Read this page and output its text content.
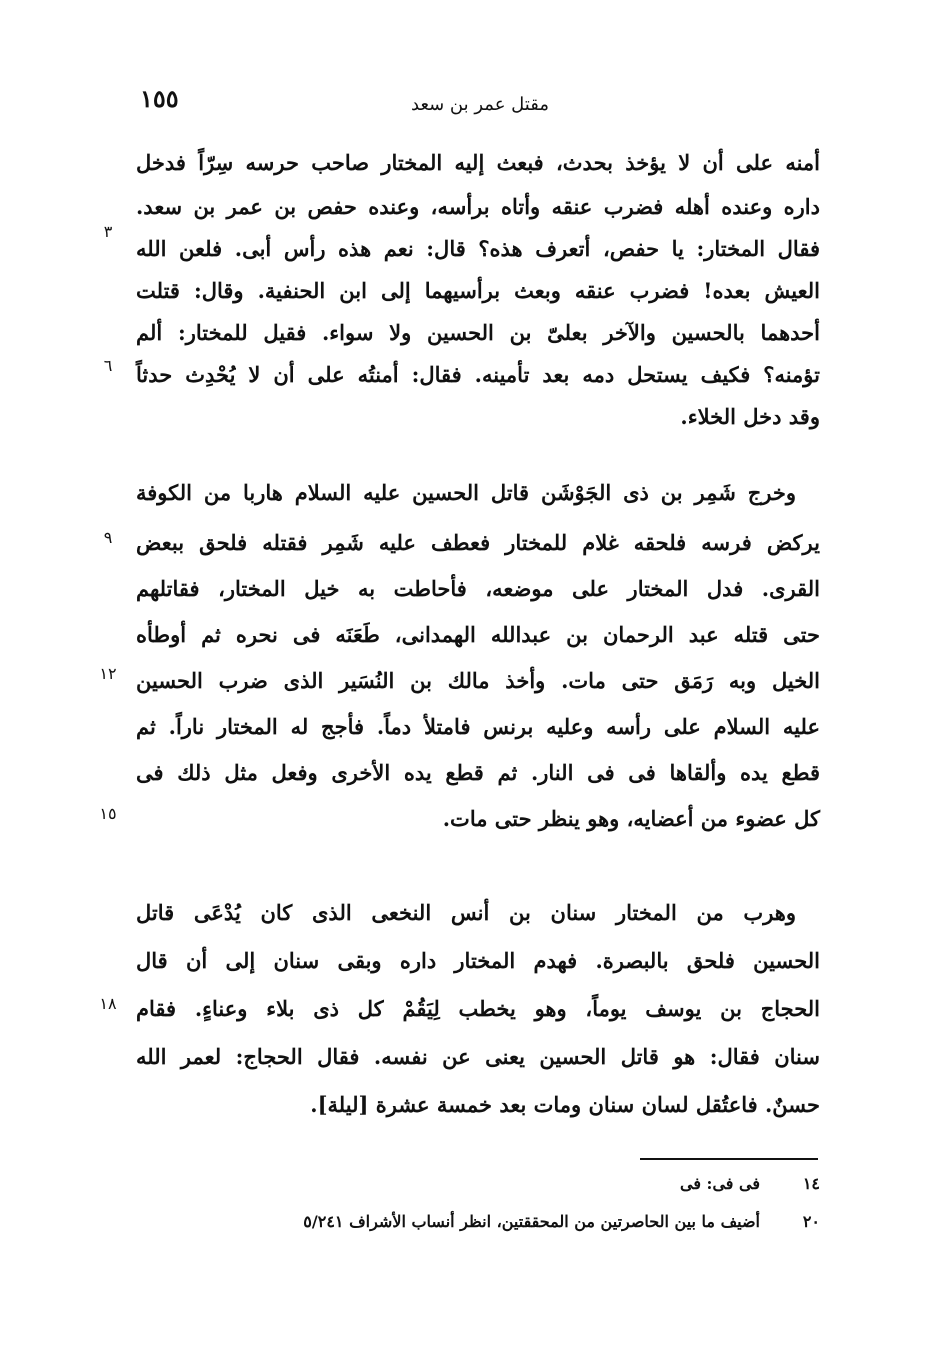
١٥٥	مقتل عمر بن سعد
أمنه على أن لا يؤخذ بحدث، فبعث إليه المختار صاحب حرسه سِرّاً فدخل
داره وعنده أهله فضرب عنقه وأتاه برأسه، وعنده حفص بن عمر بن سعد.
فقال المختار: يا حفص، أتعرف هذه؟ قال: نعم هذه رأس أبى. فلعن الله
العيش بعده! فضرب عنقه وبعث برأسيهما إلى ابن الحنفية. وقال: قتلت
أحدهما بالحسين والآخر بعلىّ بن الحسين ولا سواء. فقيل للمختار: ألم
تؤمنه؟ فكيف يستحل دمه بعد تأمينه. فقال: أمنتُه على أن لا يُحْدِث حدثاً
وقد دخل الخلاء.
وخرج شَمِر بن ذى الجَوْشَن قاتل الحسين عليه السلام هاربا من الكوفة
يركض فرسه فلحقه غلام للمختار فعطف عليه شَمِر فقتله فلحق ببعض
القرى. فدل المختار على موضعه، فأحاطت به خيل المختار، فقاتلهم
حتى قتله عبد الرحمان بن عبدالله الهمدانى، طَعَنَه فى نحره ثم أوطأه
الخيل وبه رَمَق حتى مات. وأخذ مالك بن النُسَير الذى ضرب الحسين
عليه السلام على رأسه وعليه برنس فامتلأ دماً. فأجج له المختار ناراً. ثم
قطع يده وألقاها فى فى النار. ثم قطع يده الأخرى وفعل مثل ذلك فى
كل عضوء من أعضايه، وهو ينظر حتى مات.
وهرب من المختار سنان بن أنس النخعى الذى كان يُدْعَى قاتل
الحسين فلحق بالبصرة. فهدم المختار داره وبقى سنان إلى أن قال
الحجاج بن يوسف يوماً، وهو يخطب لِيَقُمْ كل ذى بلاء وعناءٍ. فقام
سنان فقال: هو قاتل الحسين يعنى عن نفسه. فقال الحجاج: لعمر الله
حسنٌ. فاعتُقل لسان سنان ومات بعد خمسة عشرة [ليلة].
٣
٦
٩
١٢
١٥
١٨
١٤
فى فى: فى
٢٠
أضيف ما بين الحاصرتين من المحققتين، انظر أنساب الأشراف ٥/٢٤١
